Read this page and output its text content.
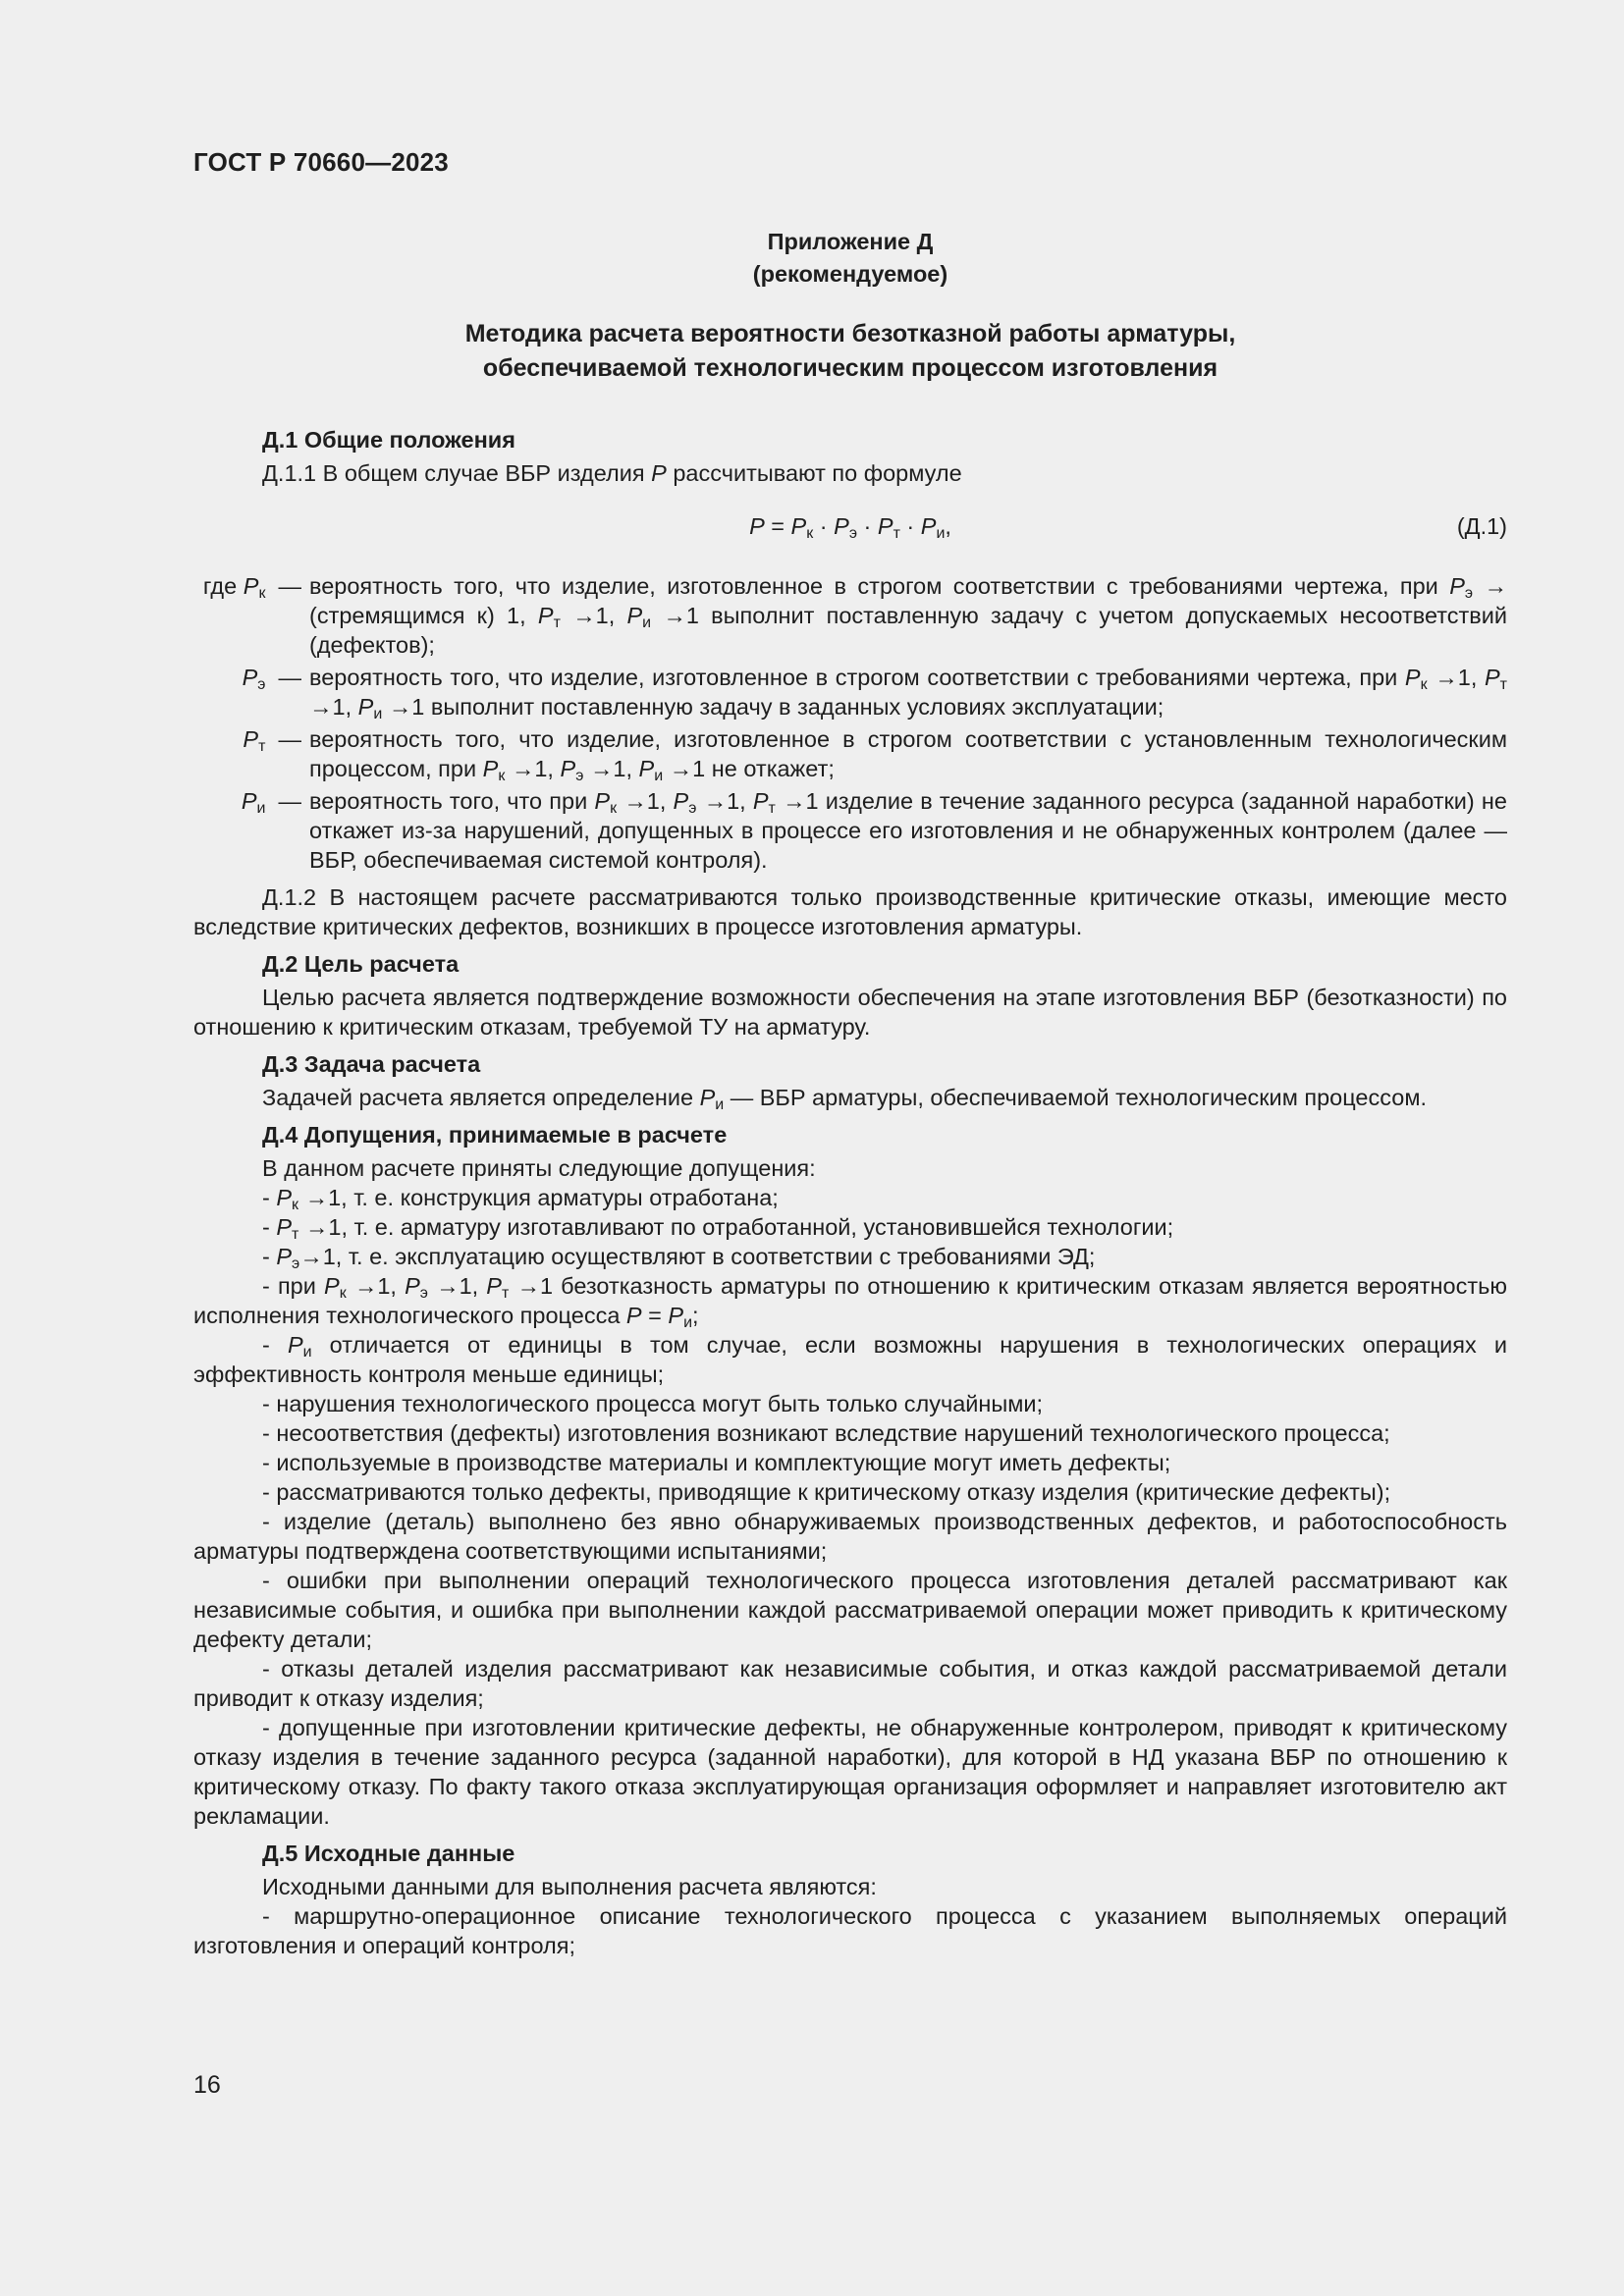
ГОСТ Р 70660—2023
Приложение Д
(рекомендуемое)
Методика расчета вероятности безотказной работы арматуры,
обеспечиваемой технологическим процессом изготовления
Д.1 Общие положения
Д.1.1 В общем случае ВБР изделия P рассчитывают по формуле
$P = P_к \cdot P_э \cdot P_т \cdot P_и$,	(Д.1)
где $P_к$  — вероятность того, что изделие, изготовленное в строгом соответствии с требованиями чертежа, при $P_э$ → (стремящимся к) 1, $P_т \to 1$, $P_и \to 1$ выполнит поставленную задачу с учетом допускаемых несоответствий (дефектов);
$P_э$  — вероятность того, что изделие, изготовленное в строгом соответствии с требованиями чертежа, при $P_к \to 1$, $P_т \to 1$, $P_и \to 1$ выполнит поставленную задачу в заданных условиях эксплуатации;
$P_т$  — вероятность того, что изделие, изготовленное в строгом соответствии с установленным технологическим процессом, при $P_к \to 1$, $P_э \to 1$, $P_и \to 1$ не откажет;
$P_и$  — вероятность того, что при $P_к \to 1$, $P_э \to 1$, $P_т \to 1$ изделие в течение заданного ресурса (заданной наработки) не откажет из-за нарушений, допущенных в процессе его изготовления и не обнаруженных контролем (далее — ВБР, обеспечиваемая системой контроля).
Д.1.2 В настоящем расчете рассматриваются только производственные критические отказы, имеющие место вследствие критических дефектов, возникших в процессе изготовления арматуры.
Д.2 Цель расчета
Целью расчета является подтверждение возможности обеспечения на этапе изготовления ВБР (безотказности) по отношению к критическим отказам, требуемой ТУ на арматуру.
Д.3 Задача расчета
Задачей расчета является определение $P_и$ — ВБР арматуры, обеспечиваемой технологическим процессом.
Д.4 Допущения, принимаемые в расчете
В данном расчете приняты следующие допущения:
- $P_к \to 1$, т. е. конструкция арматуры отработана;
- $P_т \to 1$, т. е. арматуру изготавливают по отработанной, установившейся технологии;
- $P_э\to 1$, т. е. эксплуатацию осуществляют в соответствии с требованиями ЭД;
- при $P_к \to 1$, $P_э \to 1$, $P_т \to 1$ безотказность арматуры по отношению к критическим отказам является вероятностью исполнения технологического процесса $P = P_и$;
- $P_и$ отличается от единицы в том случае, если возможны нарушения в технологических операциях и эффективность контроля меньше единицы;
- нарушения технологического процесса могут быть только случайными;
- несоответствия (дефекты) изготовления возникают вследствие нарушений технологического процесса;
- используемые в производстве материалы и комплектующие могут иметь дефекты;
- рассматриваются только дефекты, приводящие к критическому отказу изделия (критические дефекты);
- изделие (деталь) выполнено без явно обнаруживаемых производственных дефектов, и работоспособность арматуры подтверждена соответствующими испытаниями;
- ошибки при выполнении операций технологического процесса изготовления деталей рассматривают как независимые события, и ошибка при выполнении каждой рассматриваемой операции может приводить к критическому дефекту детали;
- отказы деталей изделия рассматривают как независимые события, и отказ каждой рассматриваемой детали приводит к отказу изделия;
- допущенные при изготовлении критические дефекты, не обнаруженные контролером, приводят к критическому отказу изделия в течение заданного ресурса (заданной наработки), для которой в НД указана ВБР по отношению к критическому отказу. По факту такого отказа эксплуатирующая организация оформляет и направляет изготовителю акт рекламации.
Д.5 Исходные данные
Исходными данными для выполнения расчета являются:
- маршрутно-операционное описание технологического процесса с указанием выполняемых операций изготовления и операций контроля;
16
